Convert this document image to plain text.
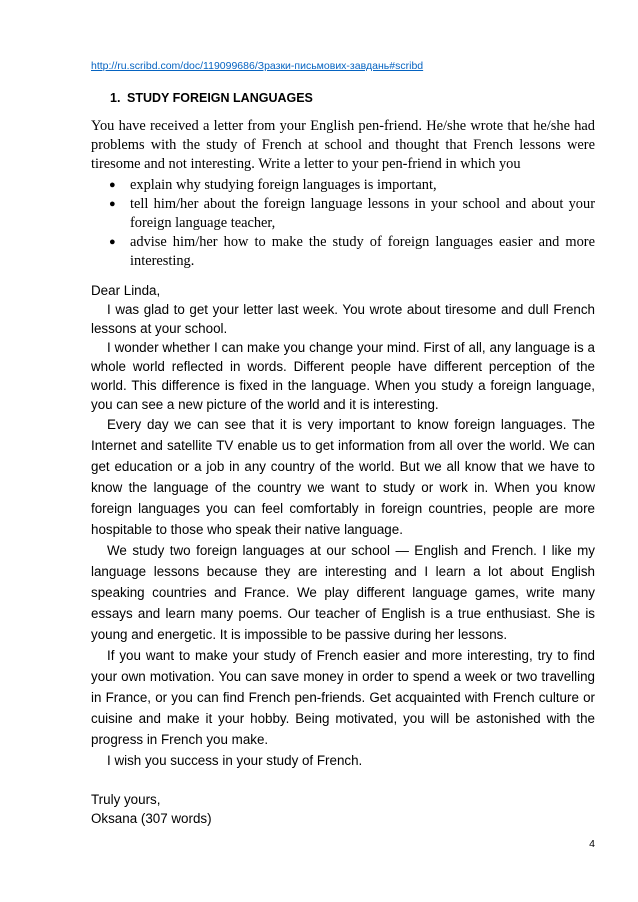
http://ru.scribd.com/doc/119099686/Зразки-письмових-завдань#scribd
1. STUDY FOREIGN LANGUAGES

You have received a letter from your English pen-friend. He/she wrote that he/she had problems with the study of French at school and thought that French lessons were tiresome and not interesting. Write a letter to your pen-friend in which you

● explain why studying foreign languages is important,
● tell him/her about the foreign language lessons in your school and about your foreign language teacher,
● advise him/her how to make the study of foreign languages easier and more interesting.

Dear Linda,

I was glad to get your letter last week. You wrote about tiresome and dull French lessons at your school.

I wonder whether I can make you change your mind. First of all, any language is a whole world reflected in words. Different people have different perception of the world. This difference is fixed in the language. When you study a foreign language, you can see a new picture of the world and it is interesting.

Every day we can see that it is very important to know foreign languages. The Internet and satellite TV enable us to get information from all over the world. We can get education or a job in any country of the world. But we all know that we have to know the language of the country we want to study or work in. When you know foreign languages you can feel comfortably in foreign countries, people are more hospitable to those who speak their native language.

We study two foreign languages at our school — English and French. I like my language lessons because they are interesting and I learn a lot about English speaking countries and France. We play different language games, write many essays and learn many poems. Our teacher of English is a true enthusiast. She is young and energetic. It is impossible to be passive during her lessons.

If you want to make your study of French easier and more interesting, try to find your own motivation. You can save money in order to spend a week or two travelling in France, or you can find French pen-friends. Get acquainted with French culture or cuisine and make it your hobby. Being motivated, you will be astonished with the progress in French you make.

I wish you success in your study of French.

Truly yours,

Oksana (307 words)

4
